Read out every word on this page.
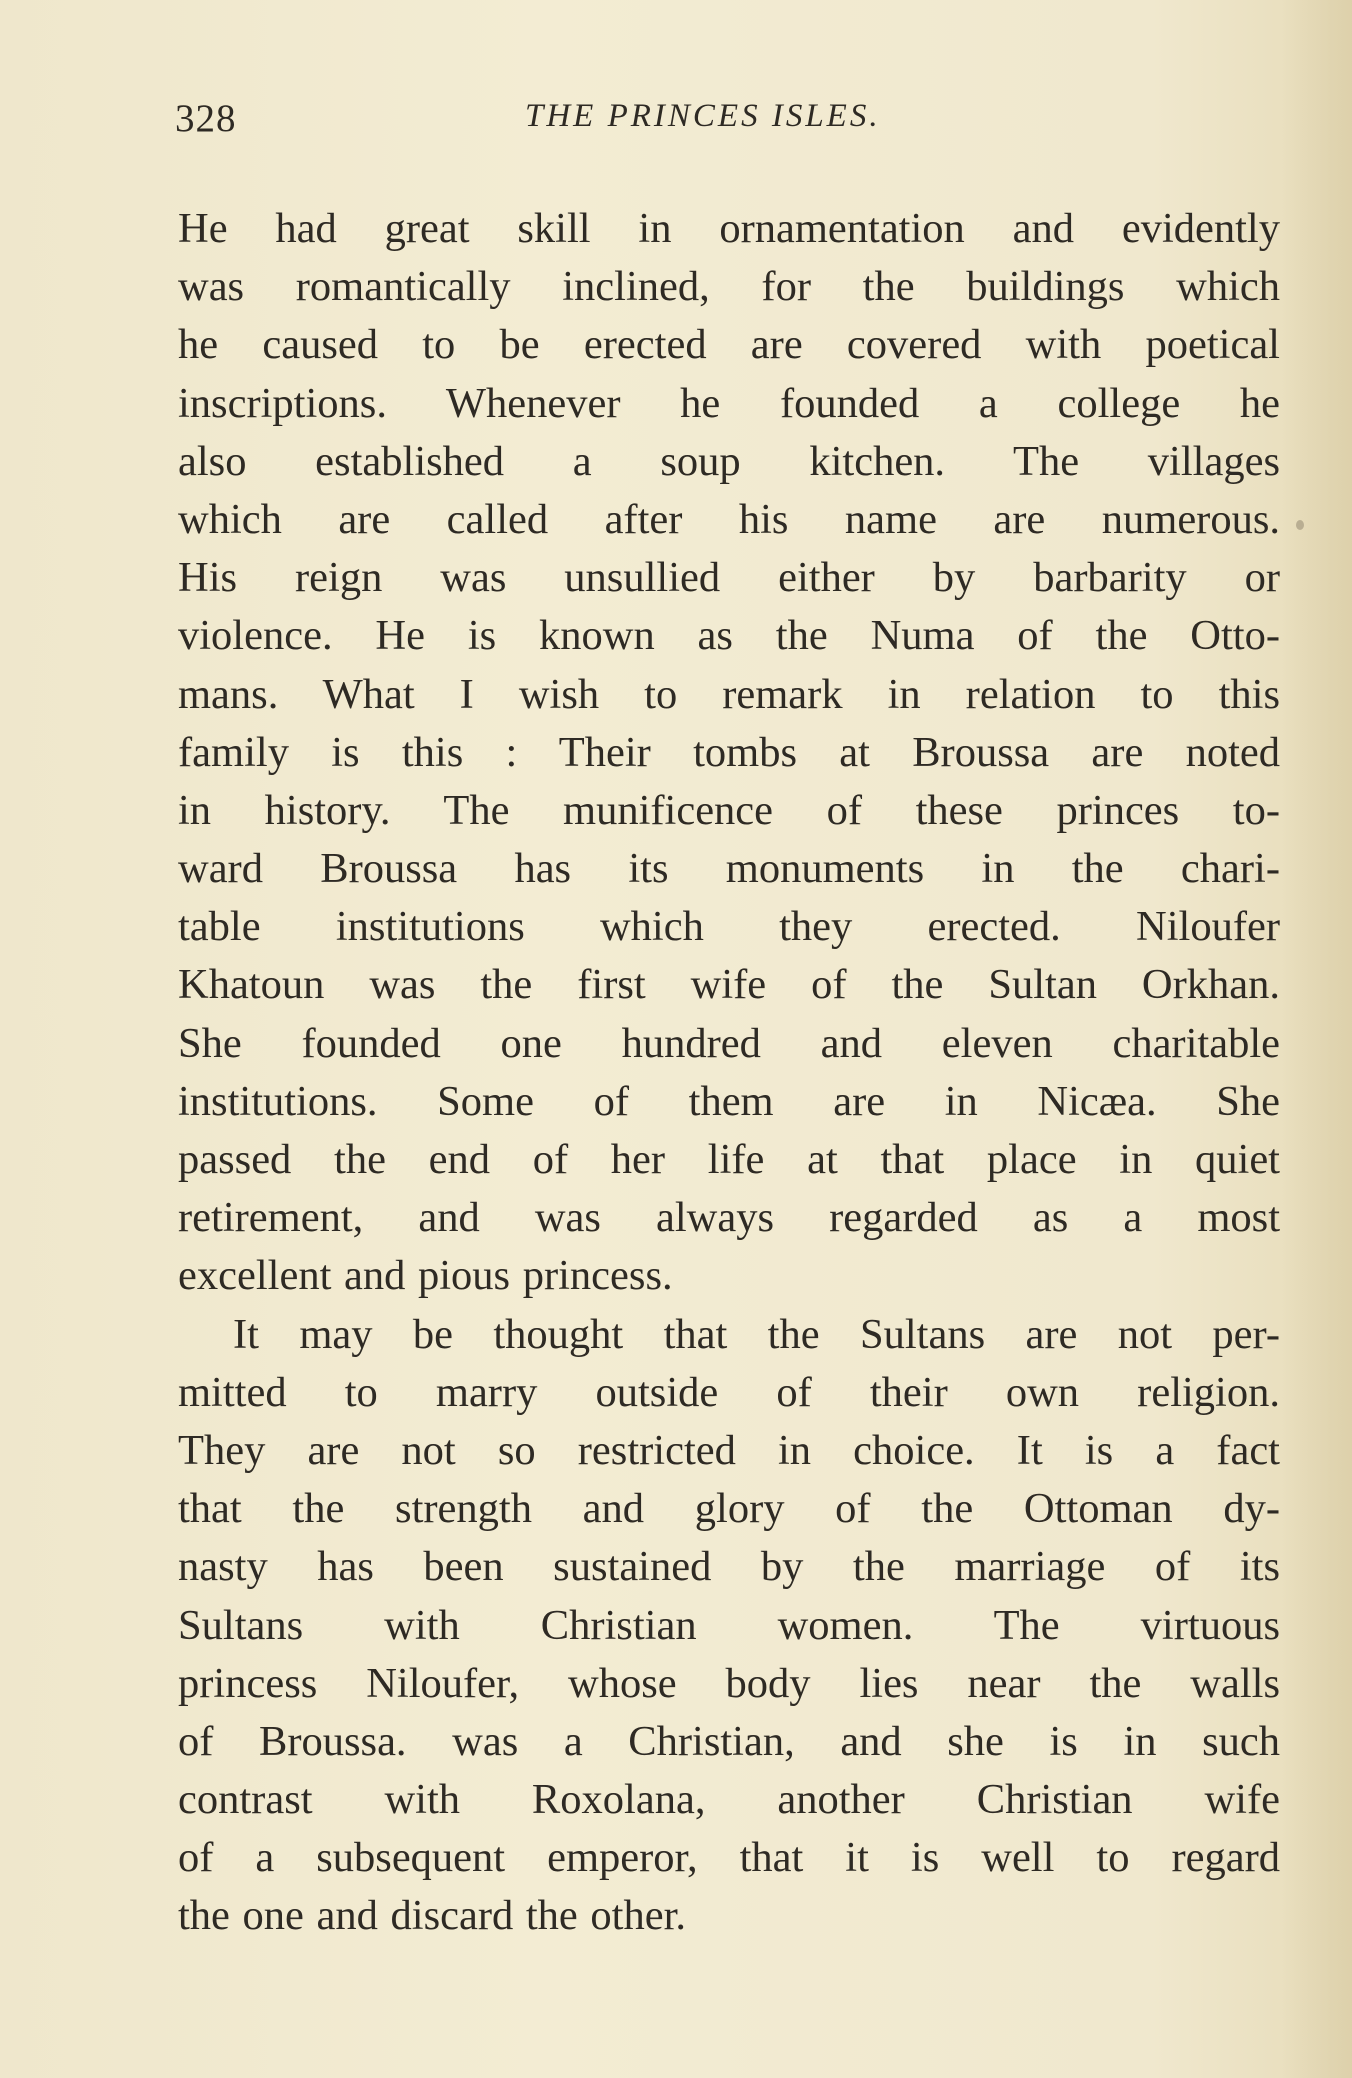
328	THE PRINCES ISLES.
He had great skill in ornamentation and evidently
was romantically inclined, for the buildings which
he caused to be erected are covered with poetical
inscriptions. Whenever he founded a college he
also established a soup kitchen. The villages
which are called after his name are numerous.
His reign was unsullied either by barbarity or
violence. He is known as the Numa of the Otto-
mans. What I wish to remark in relation to this
family is this : Their tombs at Broussa are noted
in history. The munificence of these princes to-
ward Broussa has its monuments in the chari-
table institutions which they erected. Niloufer
Khatoun was the first wife of the Sultan Orkhan.
She founded one hundred and eleven charitable
institutions. Some of them are in Nicæa. She
passed the end of her life at that place in quiet
retirement, and was always regarded as a most
excellent and pious princess.
It may be thought that the Sultans are not per-
mitted to marry outside of their own religion.
They are not so restricted in choice. It is a fact
that the strength and glory of the Ottoman dy-
nasty has been sustained by the marriage of its
Sultans with Christian women. The virtuous
princess Niloufer, whose body lies near the walls
of Broussa. was a Christian, and she is in such
contrast with Roxolana, another Christian wife
of a subsequent emperor, that it is well to regard
the one and discard the other.
